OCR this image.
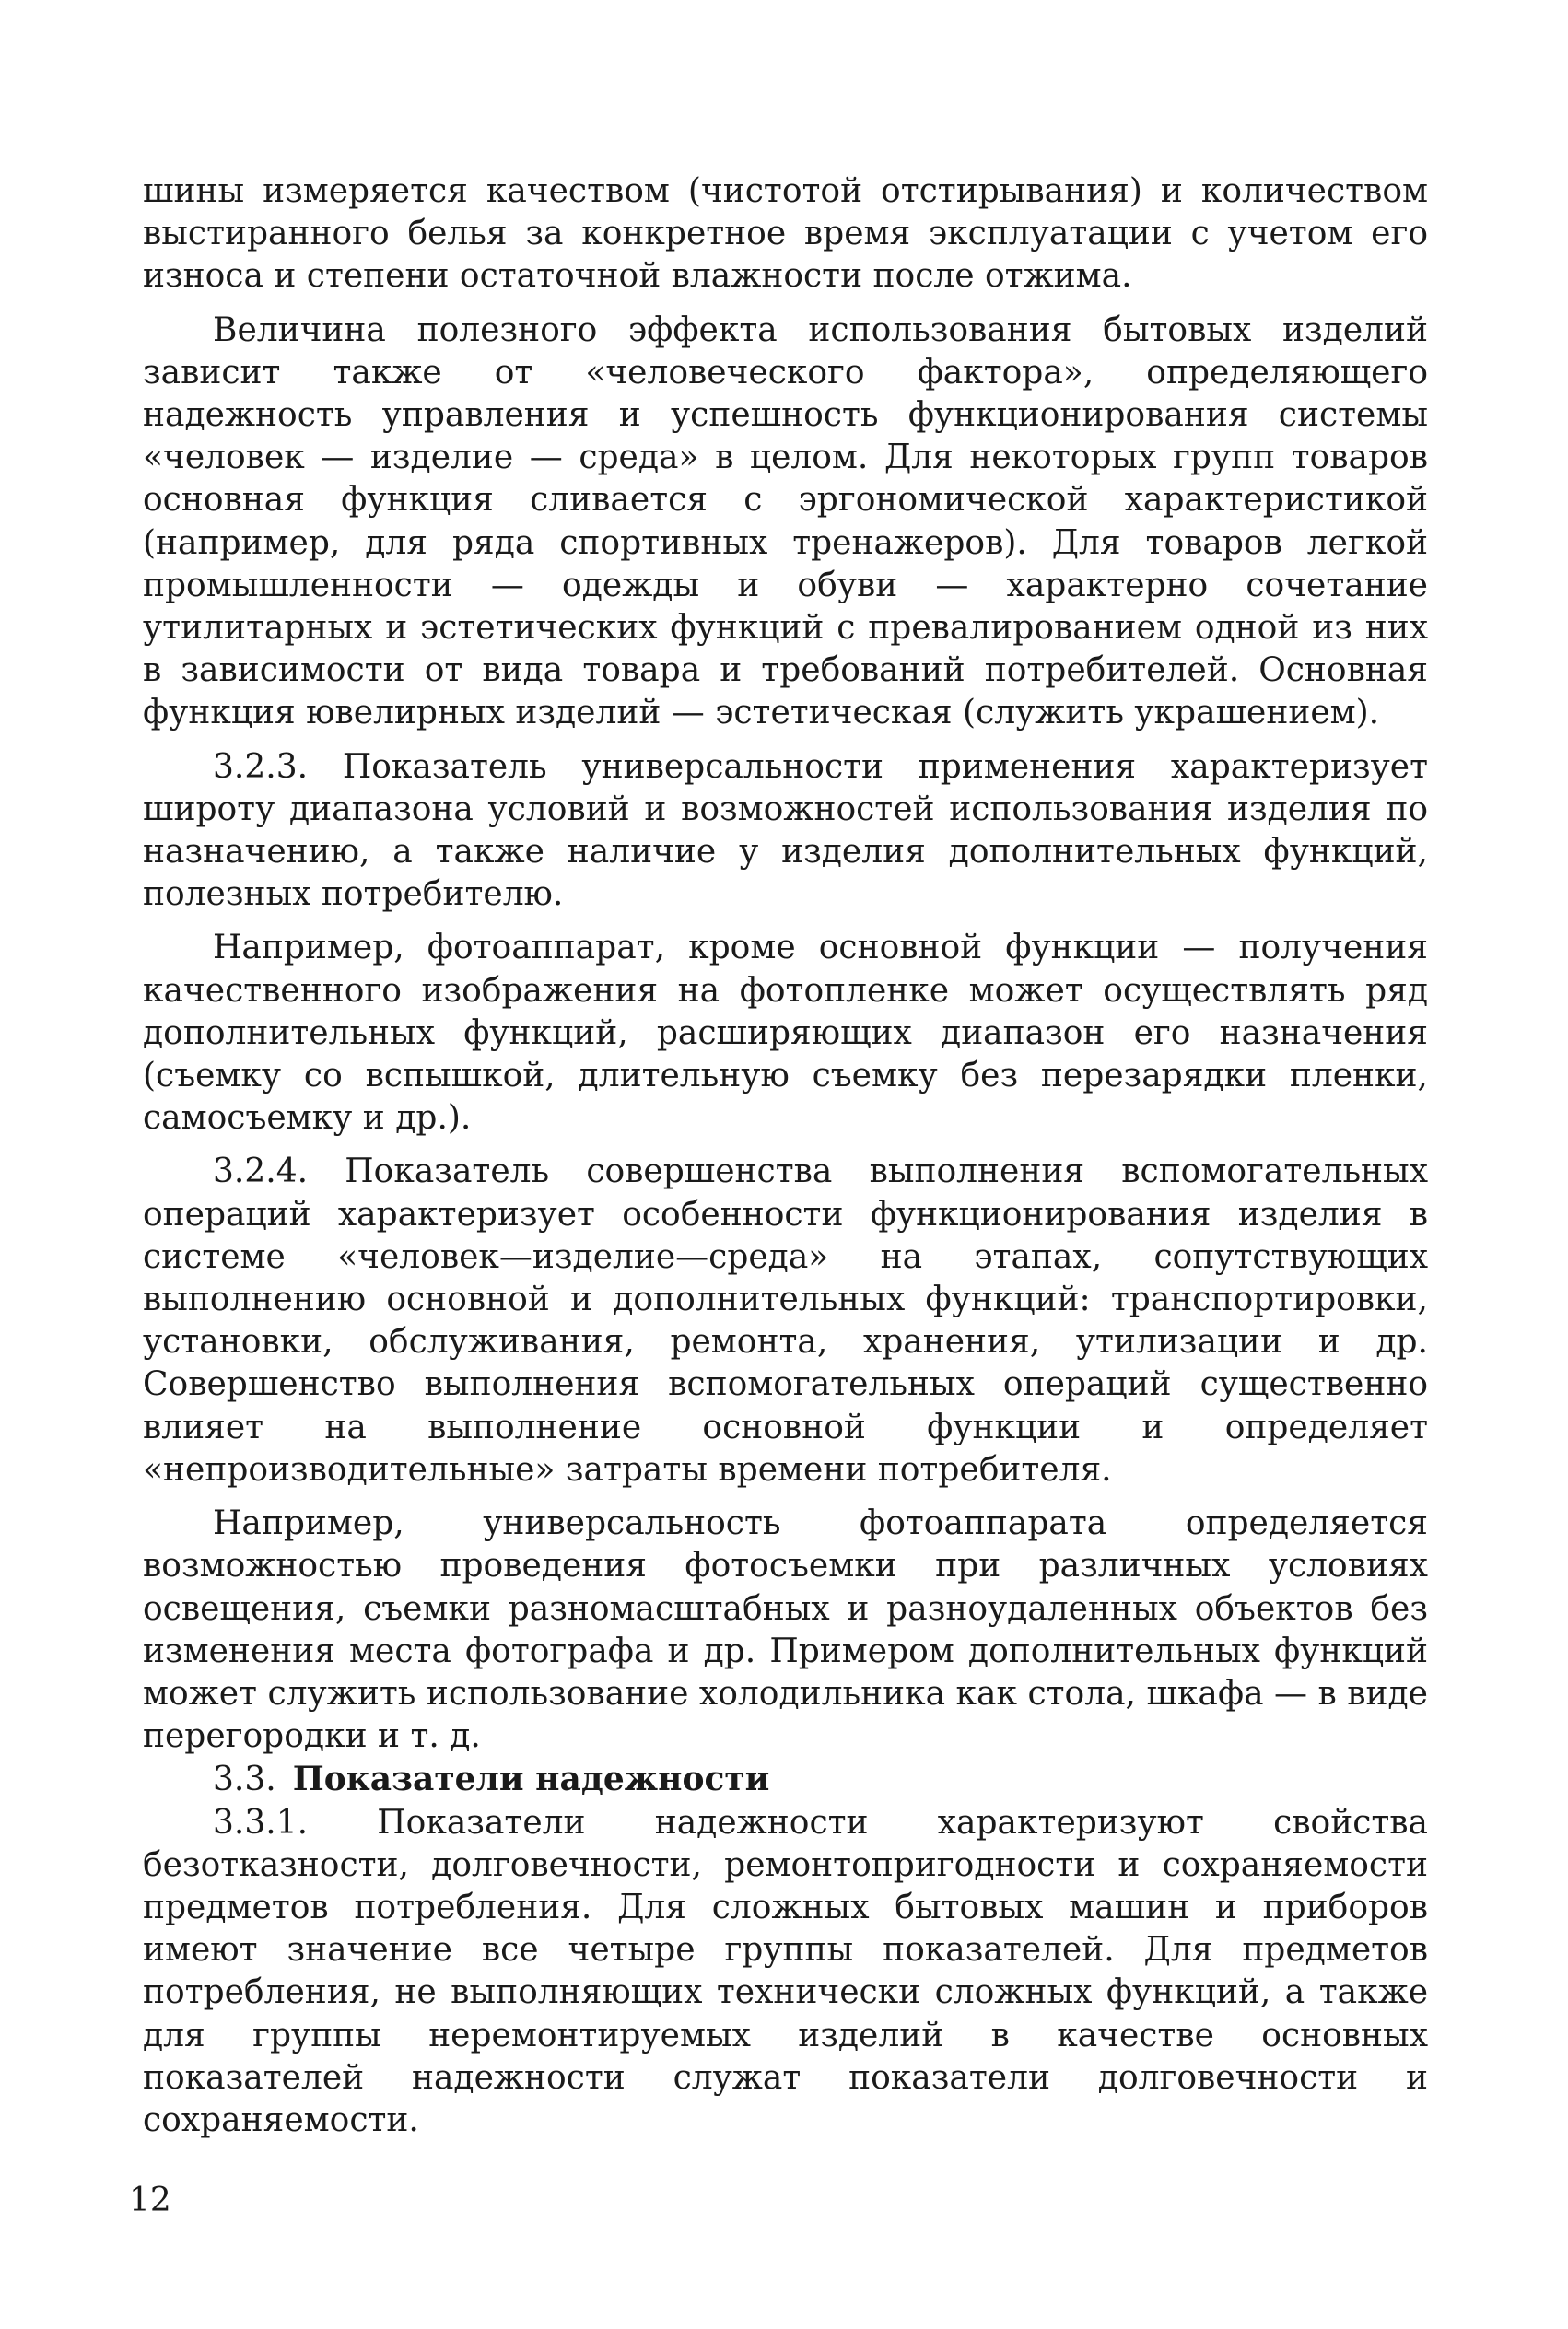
шины измеряется качеством (чистотой отстирывания) и количеством выстиранного белья за конкретное время эксплуатации с учетом его износа и степени остаточной влажности после отжима.

Величина полезного эффекта использования бытовых изделий зависит также от «человеческого фактора», определяющего надежность управления и успешность функционирования системы «человек — изделие — среда» в целом. Для некоторых групп товаров основная функция сливается с эргономической характеристикой (например, для ряда спортивных тренажеров). Для товаров легкой промышленности — одежды и обуви — характерно сочетание утилитарных и эстетических функций с превалированием одной из них в зависимости от вида товара и требований потребителей. Основная функция ювелирных изделий — эстетическая (служить украшением).

3.2.3. Показатель универсальности применения характеризует широту диапазона условий и возможностей использования изделия по назначению, а также наличие у изделия дополнительных функций, полезных потребителю.

Например, фотоаппарат, кроме основной функции — получения качественного изображения на фотопленке может осуществлять ряд дополнительных функций, расширяющих диапазон его назначения (съемку со вспышкой, длительную съемку без перезарядки пленки, самосъемку и др.).

3.2.4. Показатель совершенства выполнения вспомогательных операций характеризует особенности функционирования изделия в системе «человек—изделие—среда» на этапах, сопутствующих выполнению основной и дополнительных функций: транспортировки, установки, обслуживания, ремонта, хранения, утилизации и др. Совершенство выполнения вспомогательных операций существенно влияет на выполнение основной функции и определяет «непроизводительные» затраты времени потребителя.

Например, универсальность фотоаппарата определяется возможностью проведения фотосъемки при различных условиях освещения, съемки разномасштабных и разноудаленных объектов без изменения места фотографа и др. Примером дополнительных функций может служить использование холодильника как стола, шкафа — в виде перегородки и т. д.

3.3. Показатели надежности

3.3.1. Показатели надежности характеризуют свойства безотказности, долговечности, ремонтопригодности и сохраняемости предметов потребления. Для сложных бытовых машин и приборов имеют значение все четыре группы показателей. Для предметов потребления, не выполняющих технически сложных функций, а также для группы неремонтируемых изделий в качестве основных показателей надежности служат показатели долговечности и сохраняемости.

12
